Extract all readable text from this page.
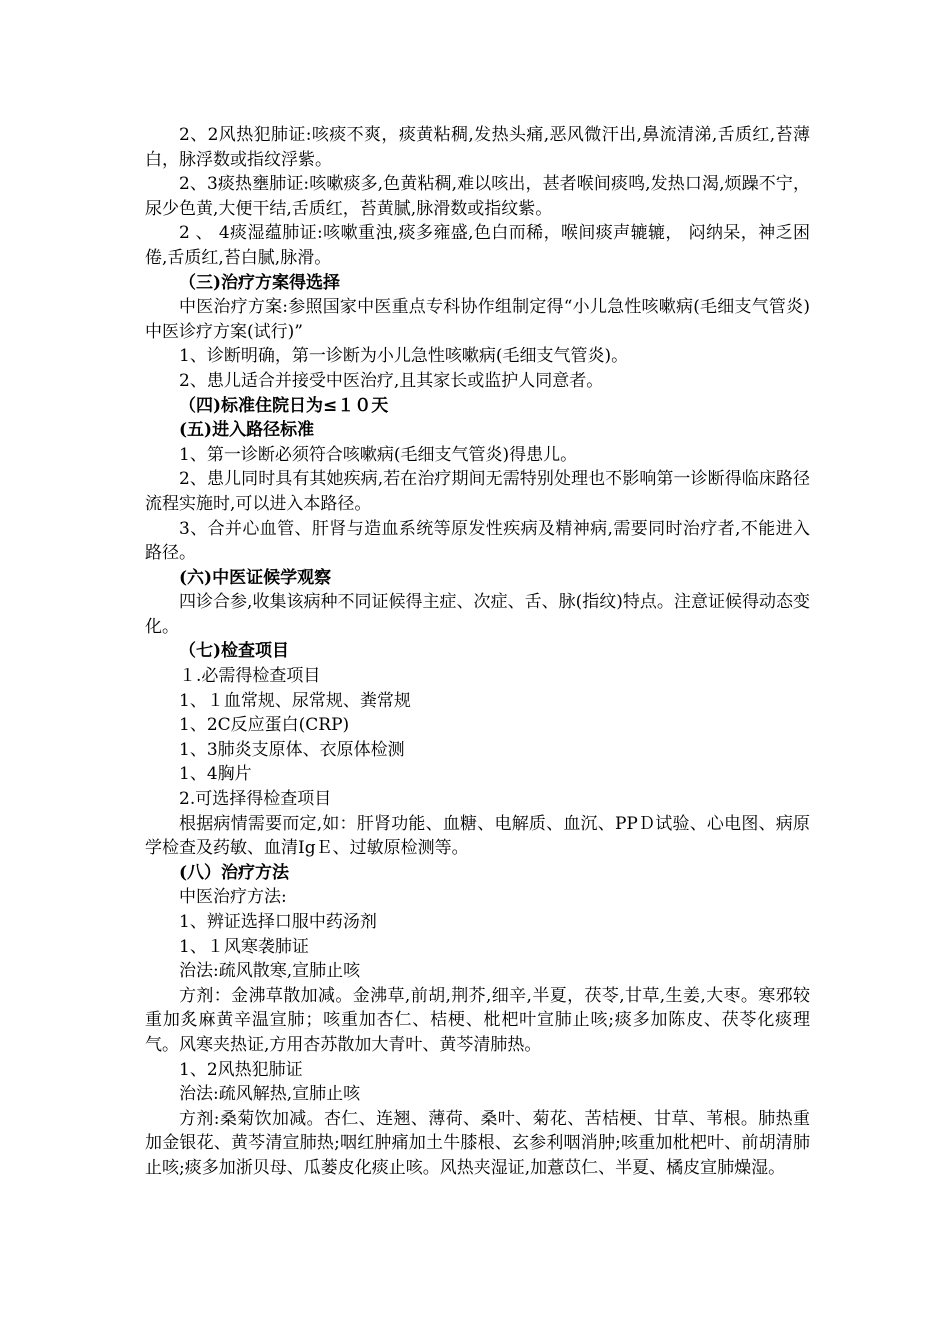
2、2风热犯肺证:咳痰不爽，痰黄粘稠,发热头痛,恶风微汗出,鼻流清涕,舌质红,苔薄白，脉浮数或指纹浮紫。

2、3痰热壅肺证:咳嗽痰多,色黄粘稠,难以咳出，甚者喉间痰鸣,发热口渴,烦躁不宁，尿少色黄,大便干结,舌质红，苔黄腻,脉滑数或指纹紫。

2 、 4痰湿蕴肺证:咳嗽重浊,痰多雍盛,色白而稀，喉间痰声辘辘， 闷纳呆，神乏困倦,舌质红,苔白腻,脉滑。

（三)治疗方案得选择

中医治疗方案:参照国家中医重点专科协作组制定得“小儿急性咳嗽病(毛细支气管炎)中医诊疗方案(试行)”

1、诊断明确，第一诊断为小儿急性咳嗽病(毛细支气管炎)。

2、患儿适合并接受中医治疗,且其家长或监护人同意者。

（四)标准住院日为≤１０天

(五)进入路径标准

1、第一诊断必须符合咳嗽病(毛细支气管炎)得患儿。

2、患儿同时具有其她疾病,若在治疗期间无需特别处理也不影响第一诊断得临床路径流程实施时,可以进入本路径。

3、合并心血管、肝肾与造血系统等原发性疾病及精神病,需要同时治疗者,不能进入路径。

(六)中医证候学观察

四诊合参,收集该病种不同证候得主症、次症、舌、脉(指纹)特点。注意证候得动态变化。

（七)检查项目

１.必需得检查项目

1、１血常规、尿常规、粪常规

1、2C反应蛋白(CRP)

1、3肺炎支原体、衣原体检测

1、4胸片

2.可选择得检查项目

根据病情需要而定,如：肝肾功能、血糖、电解质、血沉、PPＤ试验、心电图、病原学检查及药敏、血清IgＥ、过敏原检测等。

(八）治疗方法

中医治疗方法:

1、辨证选择口服中药汤剂

1、１风寒袭肺证

治法:疏风散寒,宣肺止咳

方剂：金沸草散加减。金沸草,前胡,荆芥,细辛,半夏，茯苓,甘草,生姜,大枣。寒邪较重加炙麻黄辛温宣肺；咳重加杏仁、桔梗、枇杷叶宣肺止咳;痰多加陈皮、茯苓化痰理气。风寒夹热证,方用杏苏散加大青叶、黄芩清肺热。

1、2风热犯肺证

治法:疏风解热,宣肺止咳

方剂:桑菊饮加减。杏仁、连翘、薄荷、桑叶、菊花、苦桔梗、甘草、苇根。肺热重加金银花、黄芩清宣肺热;咽红肿痛加土牛膝根、玄参利咽消肿;咳重加枇杷叶、前胡清肺止咳;痰多加浙贝母、瓜蒌皮化痰止咳。风热夹湿证,加薏苡仁、半夏、橘皮宣肺燥湿。
